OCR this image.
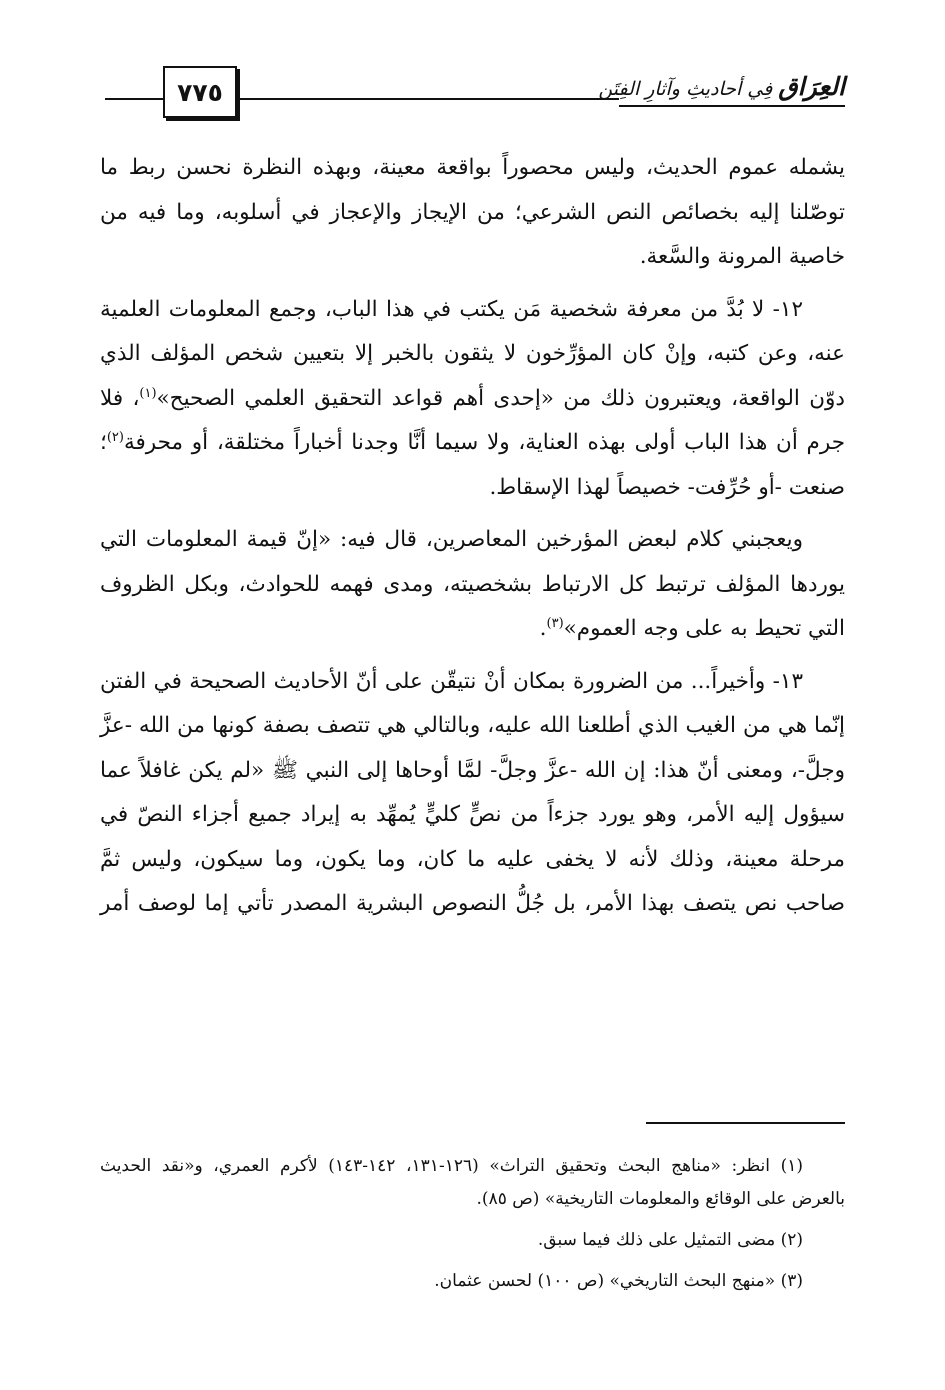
٧٧٥	العِرَاق فِي أحاديثِ وآثارِ الفِتَن

يشمله عموم الحديث، وليس محصوراً بواقعة معينة، وبهذه النظرة نحسن ربط ما توصّلنا إليه بخصائص النص الشرعي؛ من الإيجاز والإعجاز في أسلوبه، وما فيه من خاصية المرونة والسَّعة.

١٢- لا بُدَّ من معرفة شخصية مَن يكتب في هذا الباب، وجمع المعلومات العلمية عنه، وعن كتبه، وإنْ كان المؤرِّخون لا يثقون بالخبر إلا بتعيين شخص المؤلف الذي دوّن الواقعة، ويعتبرون ذلك من «إحدى أهم قواعد التحقيق العلمي الصحيح»$^{(١)}$، فلا جرم أن هذا الباب أولى بهذه العناية، ولا سيما أنَّا وجدنا أخباراً مختلقة، أو محرفة$^{(٢)}$؛ صنعت -أو حُرِّفت- خصيصاً لهذا الإسقاط.

ويعجبني كلام لبعض المؤرخين المعاصرين، قال فيه: «إنّ قيمة المعلومات التي يوردها المؤلف ترتبط كل الارتباط بشخصيته، ومدى فهمه للحوادث، وبكل الظروف التي تحيط به على وجه العموم»$^{(٣)}$.

١٣- وأخيراً... من الضرورة بمكان أنْ نتيقّن على أنّ الأحاديث الصحيحة في الفتن إنّما هي من الغيب الذي أطلعنا الله عليه، وبالتالي هي تتصف بصفة كونها من الله -عزَّ وجلَّ-، ومعنى أنّ هذا: إن الله -عزَّ وجلَّ- لمَّا أوحاها إلى النبي ﷺ «لم يكن غافلاً عما سيؤول إليه الأمر، وهو يورد جزءاً من نصٍّ كليٍّ يُمهِّد به إيراد جميع أجزاء النصّ في مرحلة معينة، وذلك لأنه لا يخفى عليه ما كان، وما يكون، وما سيكون، وليس ثمَّ صاحب نص يتصف بهذا الأمر، بل جُلُّ النصوص البشرية المصدر تأتي إما لوصف أمر

(١) انظر: «مناهج البحث وتحقيق التراث» (١٢٦-١٣١، ١٤٢-١٤٣) لأكرم العمري، و«نقد الحديث بالعرض على الوقائع والمعلومات التاريخية» (ص ٨٥).

(٢) مضى التمثيل على ذلك فيما سبق.

(٣) «منهج البحث التاريخي» (ص ١٠٠) لحسن عثمان.
